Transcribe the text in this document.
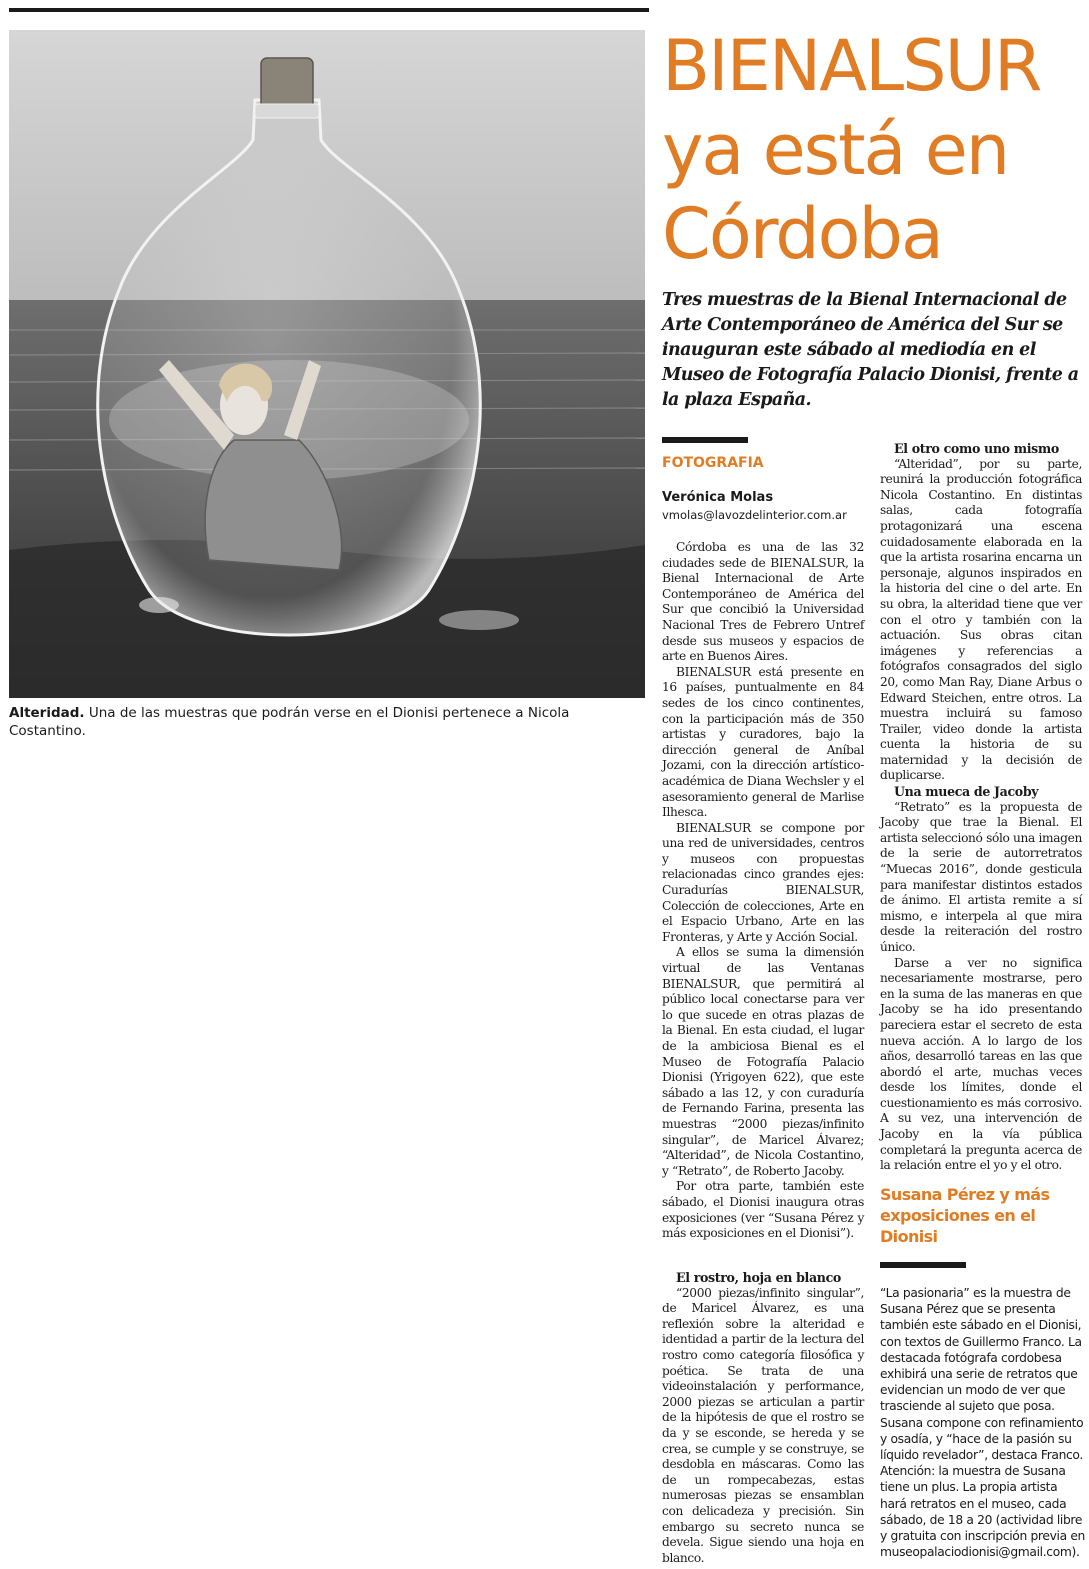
Alteridad. Una de las muestras que podrán verse en el Dionisi pertenece a Nicola Costantino.
BIENALSUR
ya está en
Córdoba

Tres muestras de la Bienal Internacional de Arte Contemporáneo de América del Sur se inauguran este sábado al mediodía en el Museo de Fotografía Palacio Dionisi, frente a la plaza España.

FOTOGRAFIA
Verónica Molas
vmolas@lavozdelinterior.com.ar

Córdoba es una de las 32 ciudades sede de BIENALSUR, la Bienal Internacional de Arte Contemporáneo de América del Sur que concibió la Universidad Nacional Tres de Febrero Untref desde sus museos y espacios de arte en Buenos Aires.

BIENALSUR está presente en 16 países, puntualmente en 84 sedes de los cinco continentes, con la participación más de 350 artistas y curadores, bajo la dirección general de Aníbal Jozami, con la dirección artístico-académica de Diana Wechsler y el asesoramiento general de Marlise Ilhesca.

BIENALSUR se compone por una red de universidades, centros y museos con propuestas relacionadas cinco grandes ejes: Curadurías BIENALSUR, Colección de colecciones, Arte en el Espacio Urbano, Arte en las Fronteras, y Arte y Acción Social.

A ellos se suma la dimensión virtual de las Ventanas BIENALSUR, que permitirá al público local conectarse para ver lo que sucede en otras plazas de la Bienal. En esta ciudad, el lugar de la ambiciosa Bienal es el Museo de Fotografía Palacio Dionisi (Yrigoyen 622), que este sábado a las 12, y con curaduría de Fernando Farina, presenta las muestras “2000 piezas/infinito singular”, de Maricel Álvarez; “Alteridad”, de Nicola Costantino, y “Retrato”, de Roberto Jacoby.

Por otra parte, también este sábado, el Dionisi inaugura otras exposiciones (ver “Susana Pérez y más exposiciones en el Dionisi”).

El rostro, hoja en blanco

“2000 piezas/infinito singular”, de Maricel Álvarez, es una reflexión sobre la alteridad e identidad a partir de la lectura del rostro como categoría filosófica y poética. Se trata de una videoinstalación y performance, 2000 piezas se articulan a partir de la hipótesis de que el rostro se da y se esconde, se hereda y se crea, se cumple y se construye, se desdobla en máscaras. Como las de un rompecabezas, estas numerosas piezas se ensamblan con delicadeza y precisión. Sin embargo su secreto nunca se devela. Sigue siendo una hoja en blanco.

El otro como uno mismo

“Alteridad”, por su parte, reunirá la producción fotográfica Nicola Costantino. En distintas salas, cada fotografía protagonizará una escena cuidadosamente elaborada en la que la artista rosarina encarna un personaje, algunos inspirados en la historia del cine o del arte. En su obra, la alteridad tiene que ver con el otro y también con la actuación. Sus obras citan imágenes y referencias a fotógrafos consagrados del siglo 20, como Man Ray, Diane Arbus o Edward Steichen, entre otros. La muestra incluirá su famoso Trailer, video donde la artista cuenta la historia de su maternidad y la decisión de duplicarse.

Una mueca de Jacoby

“Retrato” es la propuesta de Jacoby que trae la Bienal. El artista seleccionó sólo una imagen de la serie de autorretratos “Muecas 2016”, donde gesticula para manifestar distintos estados de ánimo. El artista remite a sí mismo, e interpela al que mira desde la reiteración del rostro único.

Darse a ver no significa necesariamente mostrarse, pero en la suma de las maneras en que Jacoby se ha ido presentando pareciera estar el secreto de esta nueva acción. A lo largo de los años, desarrolló tareas en las que abordó el arte, muchas veces desde los límites, donde el cuestionamiento es más corrosivo. A su vez, una intervención de Jacoby en la vía pública completará la pregunta acerca de la relación entre el yo y el otro.

Susana Pérez y más exposiciones en el Dionisi

“La pasionaria” es la muestra de Susana Pérez que se presenta también este sábado en el Dionisi, con textos de Guillermo Franco. La destacada fotógrafa cordobesa exhibirá una serie de retratos que evidencian un modo de ver que trasciende al sujeto que posa. Susana compone con refinamiento y osadía, y “hace de la pasión su líquido revelador”, destaca Franco. Atención: la muestra de Susana tiene un plus. La propia artista hará retratos en el museo, cada sábado, de 18 a 20 (actividad libre y gratuita con inscripción previa en museopalaciodionisi@gmail.com).
